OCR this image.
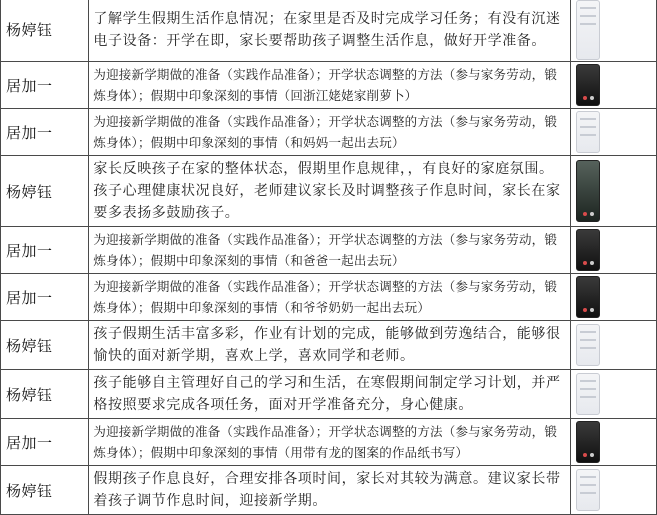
杨婷钰	了解学生假期生活作息情况；在家里是否及时完成学习任务；有没有沉迷电子设备：开学在即，家长要帮助孩子调整生活作息，做好开学准备。		

居加一	为迎接新学期做的准备（实践作品准备）；开学状态调整的方法（参与家务劳动，锻炼身体）；假期中印象深刻的事情（回浙江姥姥家削萝卜）		

居加一	为迎接新学期做的准备（实践作品准备）；开学状态调整的方法（参与家务劳动，锻炼身体）；假期中印象深刻的事情（和妈妈一起出去玩）		

杨婷钰	家长反映孩子在家的整体状态，假期里作息规律，，有良好的家庭氛围。孩子心理健康状况良好，老师建议家长及时调整孩子作息时间，家长在家要多表扬多鼓励孩子。		

居加一	为迎接新学期做的准备（实践作品准备）；开学状态调整的方法（参与家务劳动，锻炼身体）；假期中印象深刻的事情（和爸爸一起出去玩）		

居加一	为迎接新学期做的准备（实践作品准备）；开学状态调整的方法（参与家务劳动，锻炼身体）；假期中印象深刻的事情（和爷爷奶奶一起出去玩）		

杨婷钰	孩子假期生活丰富多彩，作业有计划的完成，能够做到劳逸结合，能够很愉快的面对新学期，喜欢上学，喜欢同学和老师。		

杨婷钰	孩子能够自主管理好自己的学习和生活，在寒假期间制定学习计划，并严格按照要求完成各项任务，面对开学准备充分，身心健康。		

居加一	为迎接新学期做的准备（实践作品准备）；开学状态调整的方法（参与家务劳动，锻炼身体）；假期中印象深刻的事情（用带有龙的图案的作品纸书写）		

杨婷钰	假期孩子作息良好，合理安排各项时间，家长对其较为满意。建议家长带着孩子调节作息时间，迎接新学期。		
